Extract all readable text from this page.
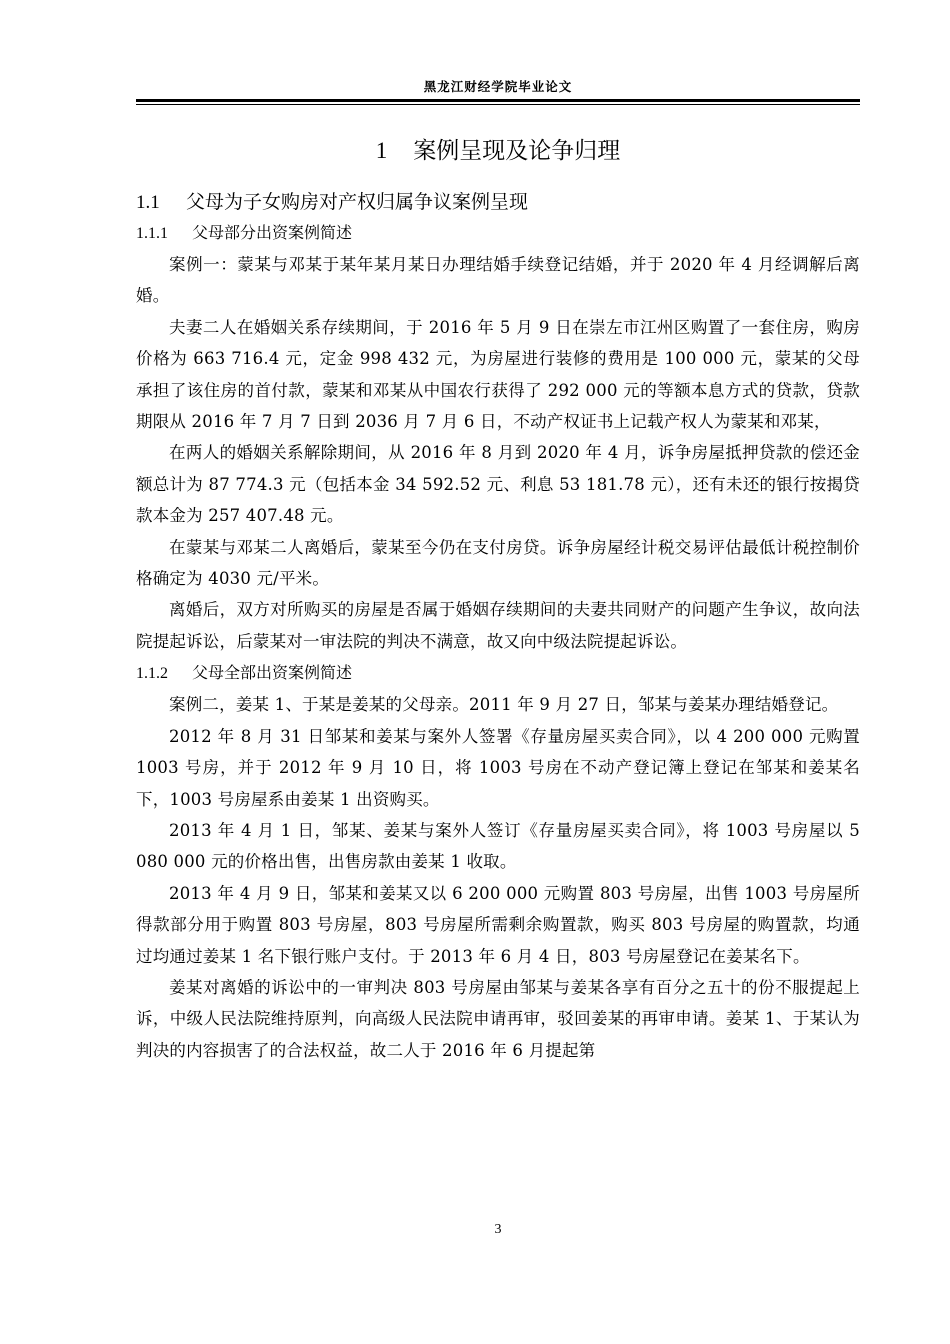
黑龙江财经学院毕业论文
1 案例呈现及论争归理
1.1 父母为子女购房对产权归属争议案例呈现
1.1.1 父母部分出资案例简述

案例一：蒙某与邓某于某年某月某日办理结婚手续登记结婚，并于 2020 年 4 月经调解后离婚。

夫妻二人在婚姻关系存续期间，于 2016 年 5 月 9 日在崇左市江州区购置了一套住房，购房价格为 663 716.4 元，定金 998 432 元，为房屋进行装修的费用是 100 000 元，蒙某的父母承担了该住房的首付款，蒙某和邓某从中国农行获得了 292 000 元的等额本息方式的贷款，贷款期限从 2016 年 7 月 7 日到 2036 月 7 月 6 日，不动产权证书上记载产权人为蒙某和邓某，

在两人的婚姻关系解除期间，从 2016 年 8 月到 2020 年 4 月，诉争房屋抵押贷款的偿还金额总计为 87 774.3 元（包括本金 34 592.52 元、利息 53 181.78 元），还有未还的银行按揭贷款本金为 257 407.48 元。

在蒙某与邓某二人离婚后，蒙某至今仍在支付房贷。诉争房屋经计税交易评估最低计税控制价格确定为 4030 元/平米。

离婚后，双方对所购买的房屋是否属于婚姻存续期间的夫妻共同财产的问题产生争议，故向法院提起诉讼，后蒙某对一审法院的判决不满意，故又向中级法院提起诉讼。

1.1.2 父母全部出资案例简述

案例二，姜某 1、于某是姜某的父母亲。2011 年 9 月 27 日，邹某与姜某办理结婚登记。

2012 年 8 月 31 日邹某和姜某与案外人签署《存量房屋买卖合同》，以 4 200 000 元购置 1003 号房，并于 2012 年 9 月 10 日，将 1003 号房在不动产登记簿上登记在邹某和姜某名下，1003 号房屋系由姜某 1 出资购买。

2013 年 4 月 1 日，邹某、姜某与案外人签订《存量房屋买卖合同》，将 1003 号房屋以 5 080 000 元的价格出售，出售房款由姜某 1 收取。

2013 年 4 月 9 日，邹某和姜某又以 6 200 000 元购置 803 号房屋，出售 1003 号房屋所得款部分用于购置 803 号房屋，803 号房屋所需剩余购置款，购买 803 号房屋的购置款，均通过均通过姜某 1 名下银行账户支付。于 2013 年 6 月 4 日，803 号房屋登记在姜某名下。

姜某对离婚的诉讼中的一审判决 803 号房屋由邹某与姜某各享有百分之五十的份不服提起上诉，中级人民法院维持原判，向高级人民法院申请再审，驳回姜某的再审申请。姜某 1、于某认为判决的内容损害了的合法权益，故二人于 2016 年 6 月提起第

3
